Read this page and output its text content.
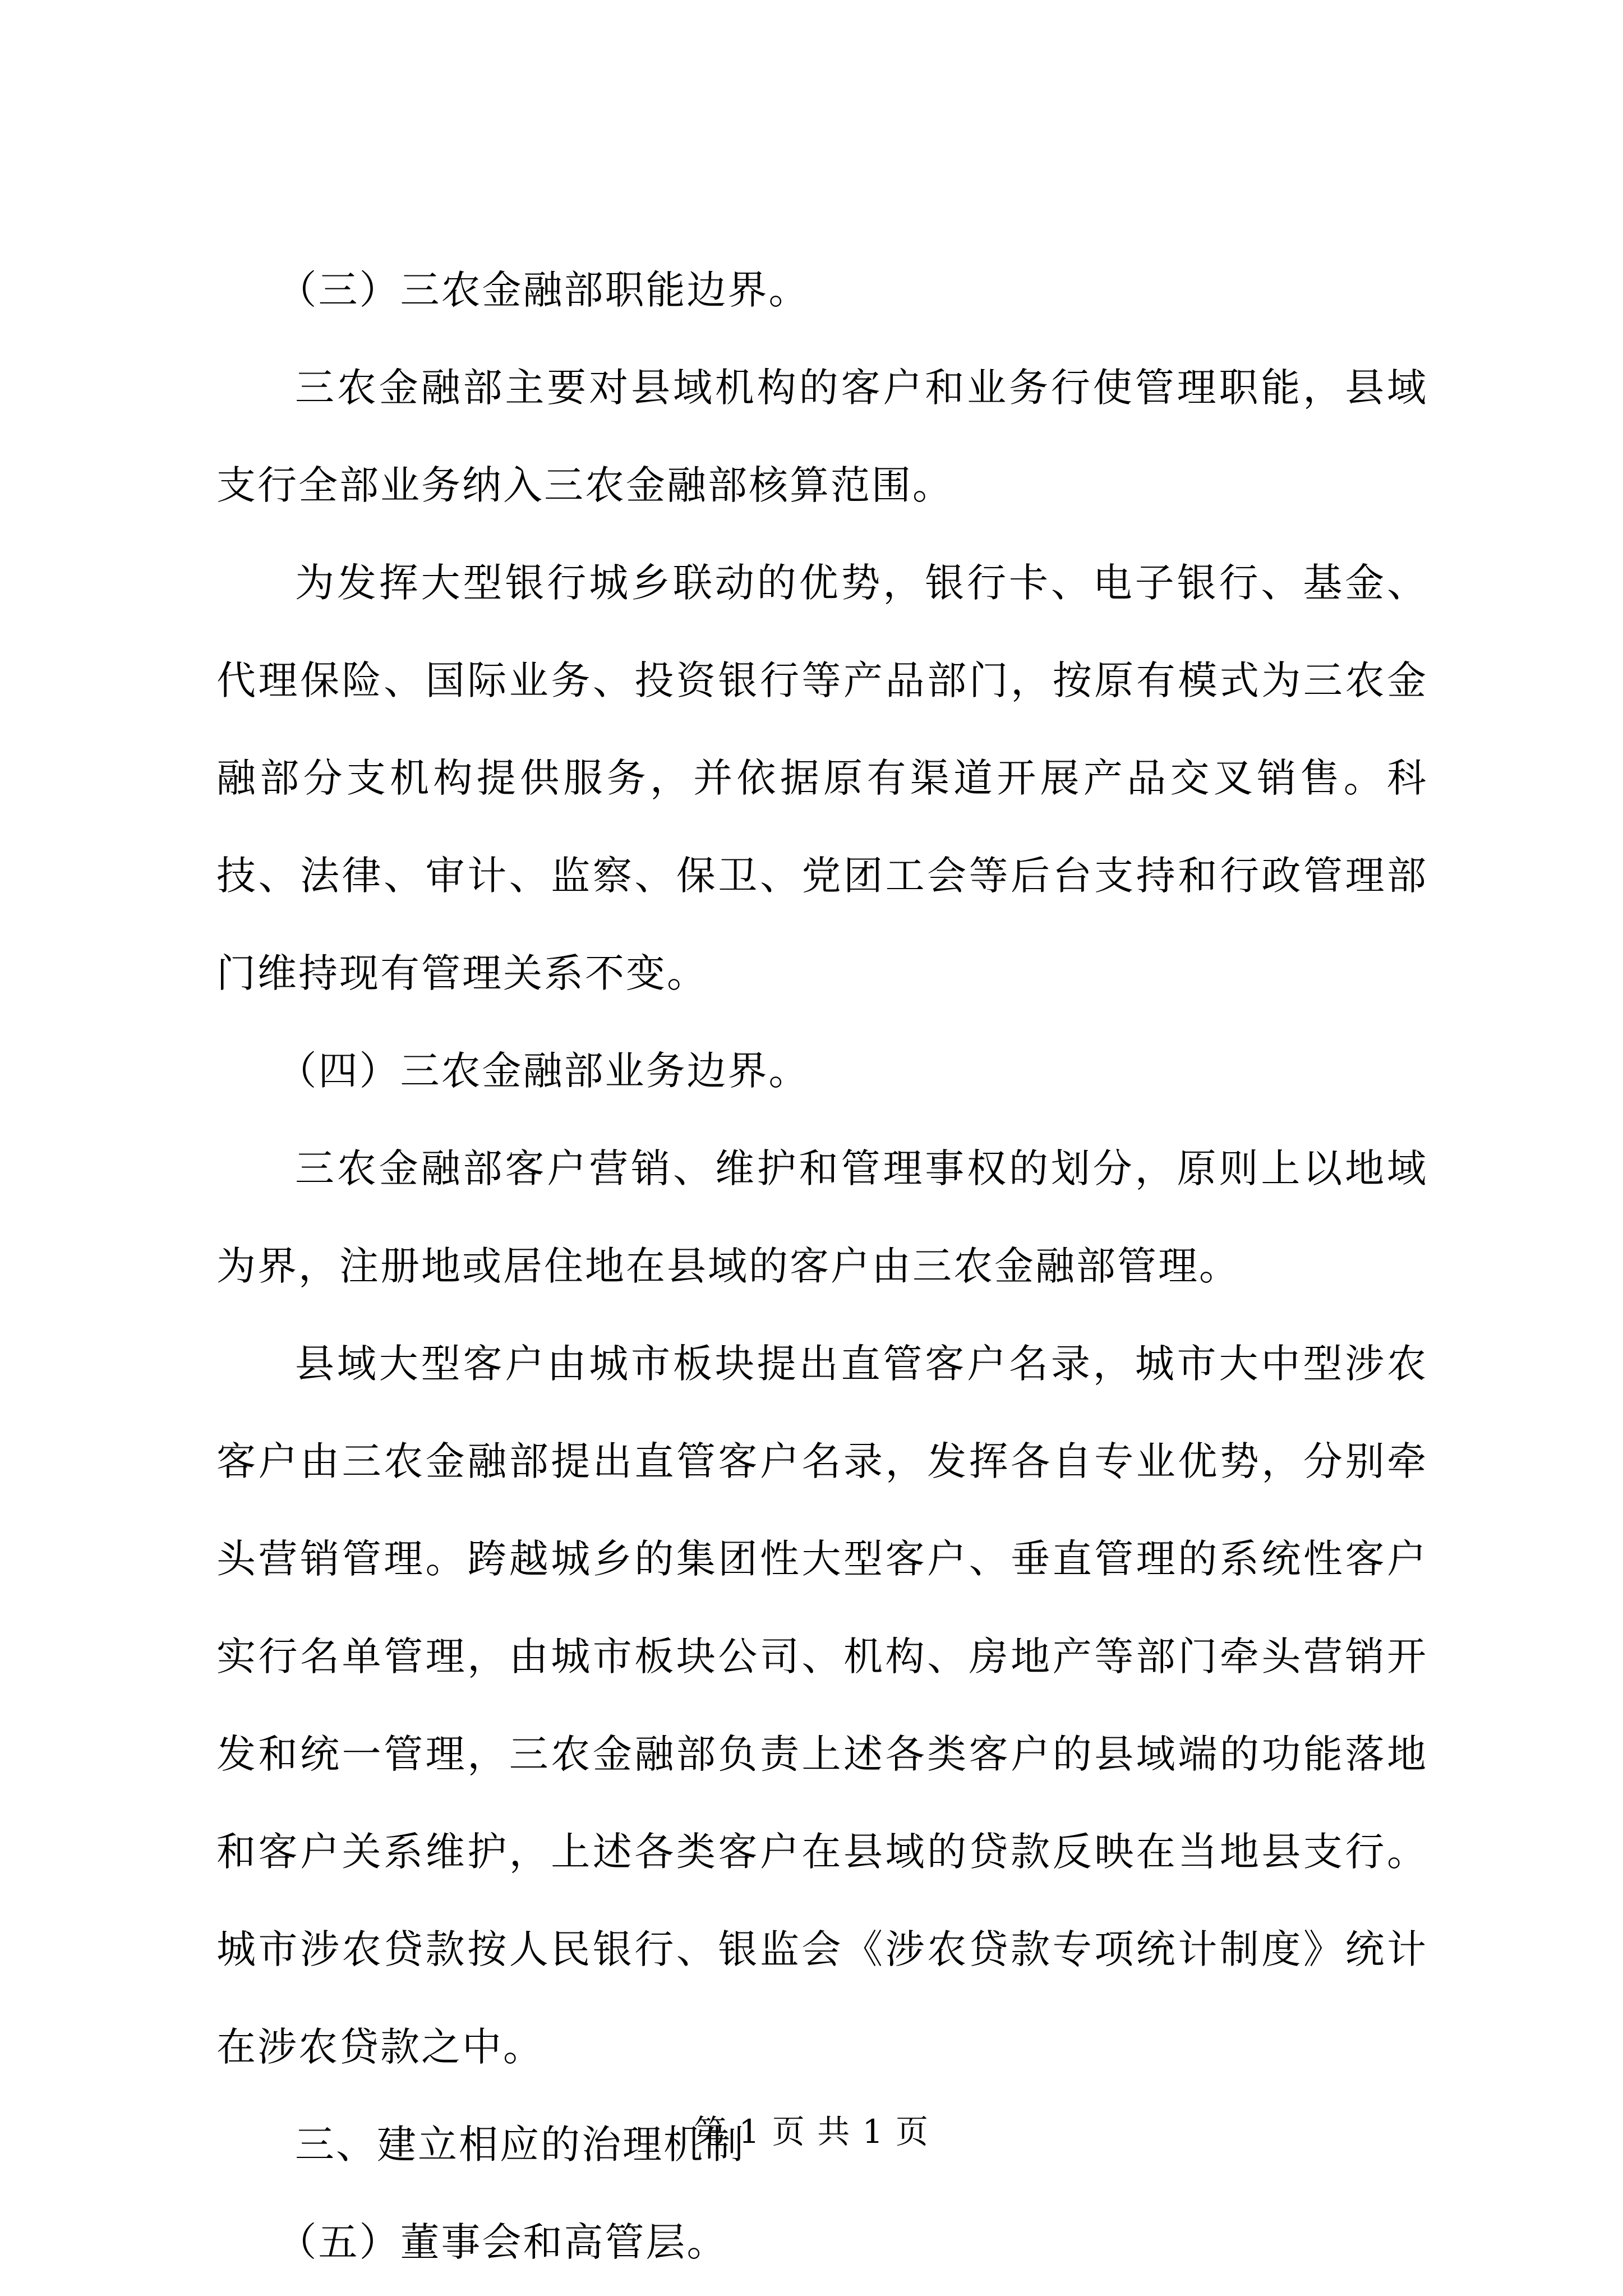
（三）三农金融部职能边界。

三农金融部主要对县域机构的客户和业务行使管理职能，县域支行全部业务纳入三农金融部核算范围。

为发挥大型银行城乡联动的优势，银行卡、电子银行、基金、代理保险、国际业务、投资银行等产品部门，按原有模式为三农金融部分支机构提供服务，并依据原有渠道开展产品交叉销售。科技、法律、审计、监察、保卫、党团工会等后台支持和行政管理部门维持现有管理关系不变。

（四）三农金融部业务边界。

三农金融部客户营销、维护和管理事权的划分，原则上以地域为界，注册地或居住地在县域的客户由三农金融部管理。

县域大型客户由城市板块提出直管客户名录，城市大中型涉农客户由三农金融部提出直管客户名录，发挥各自专业优势，分别牵头营销管理。跨越城乡的集团性大型客户、垂直管理的系统性客户实行名单管理，由城市板块公司、机构、房地产等部门牵头营销开发和统一管理，三农金融部负责上述各类客户的县域端的功能落地和客户关系维护，上述各类客户在县域的贷款反映在当地县支行。城市涉农贷款按人民银行、银监会《涉农贷款专项统计制度》统计在涉农贷款之中。

三、建立相应的治理机制

（五）董事会和高管层。

第 1 页 共 1 页
